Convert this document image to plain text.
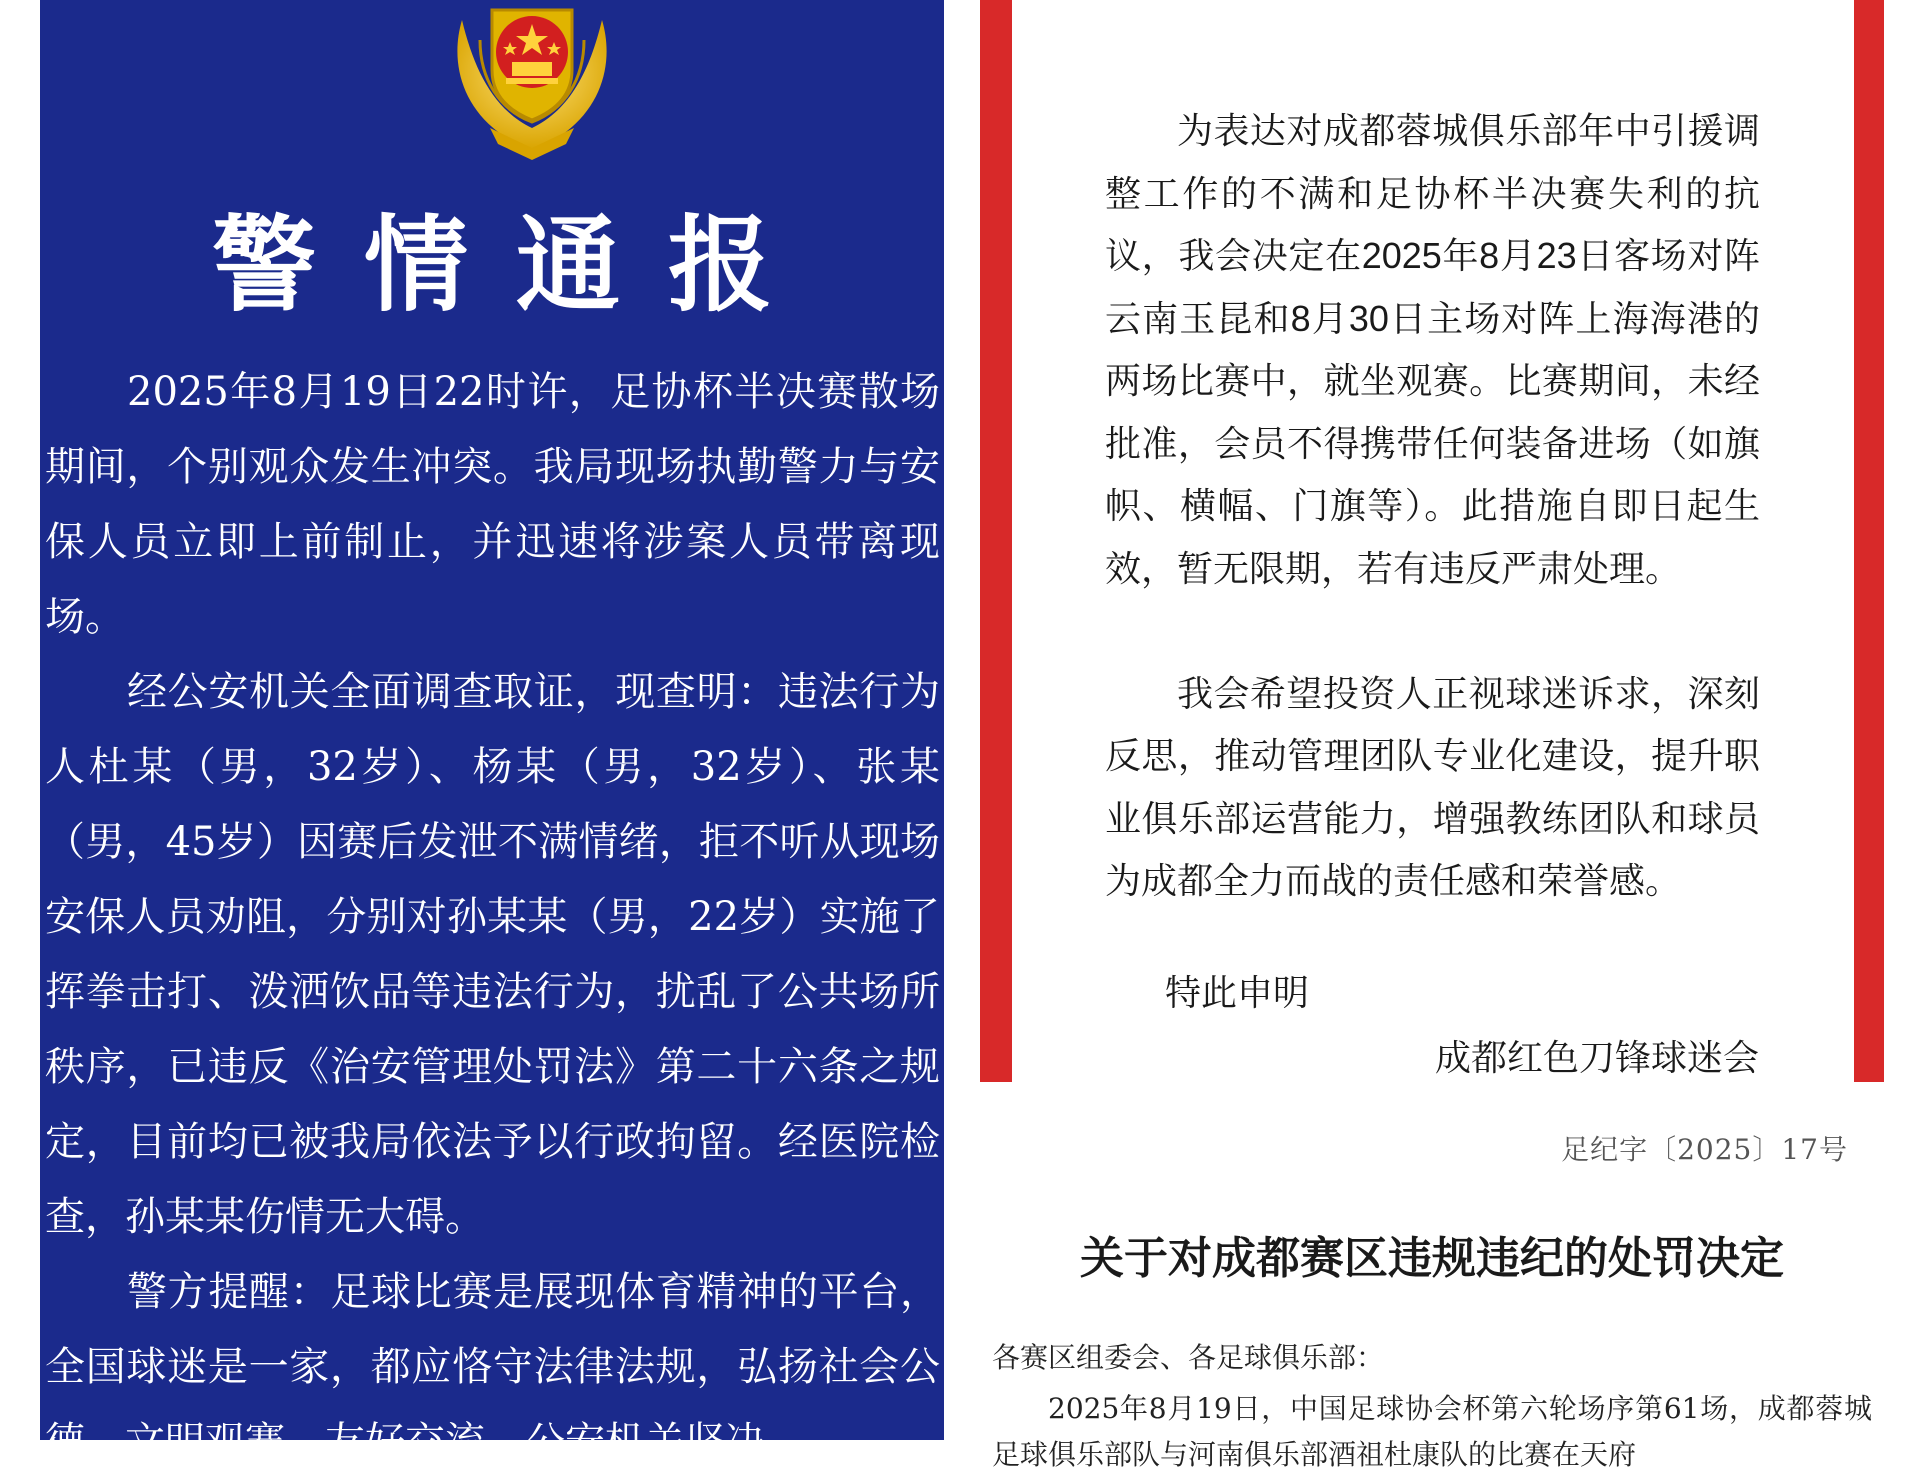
警情通报

2025年8月19日22时许，足协杯半决赛散场期间，个别观众发生冲突。我局现场执勤警力与安保人员立即上前制止，并迅速将涉案人员带离现场。

经公安机关全面调查取证，现查明：违法行为人杜某（男，32岁）、杨某（男，32岁）、张某（男，45岁）因赛后发泄不满情绪，拒不听从现场安保人员劝阻，分别对孙某某（男，22岁）实施了挥拳击打、泼洒饮品等违法行为，扰乱了公共场所秩序，已违反《治安管理处罚法》第二十六条之规定，目前均已被我局依法予以行政拘留。经医院检查，孙某某伤情无大碍。

警方提醒：足球比赛是展现体育精神的平台，全国球迷是一家，都应恪守法律法规，弘扬社会公德，文明观赛，友好交流。公安机关坚决

为表达对成都蓉城俱乐部年中引援调整工作的不满和足协杯半决赛失利的抗议，我会决定在2025年8月23日客场对阵云南玉昆和8月30日主场对阵上海海港的两场比赛中，就坐观赛。比赛期间，未经批准，会员不得携带任何装备进场（如旗帜、横幅、门旗等）。此措施自即日起生效，暂无限期，若有违反严肃处理。

我会希望投资人正视球迷诉求，深刻反思，推动管理团队专业化建设，提升职业俱乐部运营能力，增强教练团队和球员为成都全力而战的责任感和荣誉感。

特此申明
成都红色刀锋球迷会
足纪字〔2025〕17号
关于对成都赛区违规违纪的处罚决定
各赛区组委会、各足球俱乐部：
2025年8月19日，中国足球协会杯第六轮场序第61场，成都蓉城足球俱乐部队与河南俱乐部酒祖杜康队的比赛在天府
